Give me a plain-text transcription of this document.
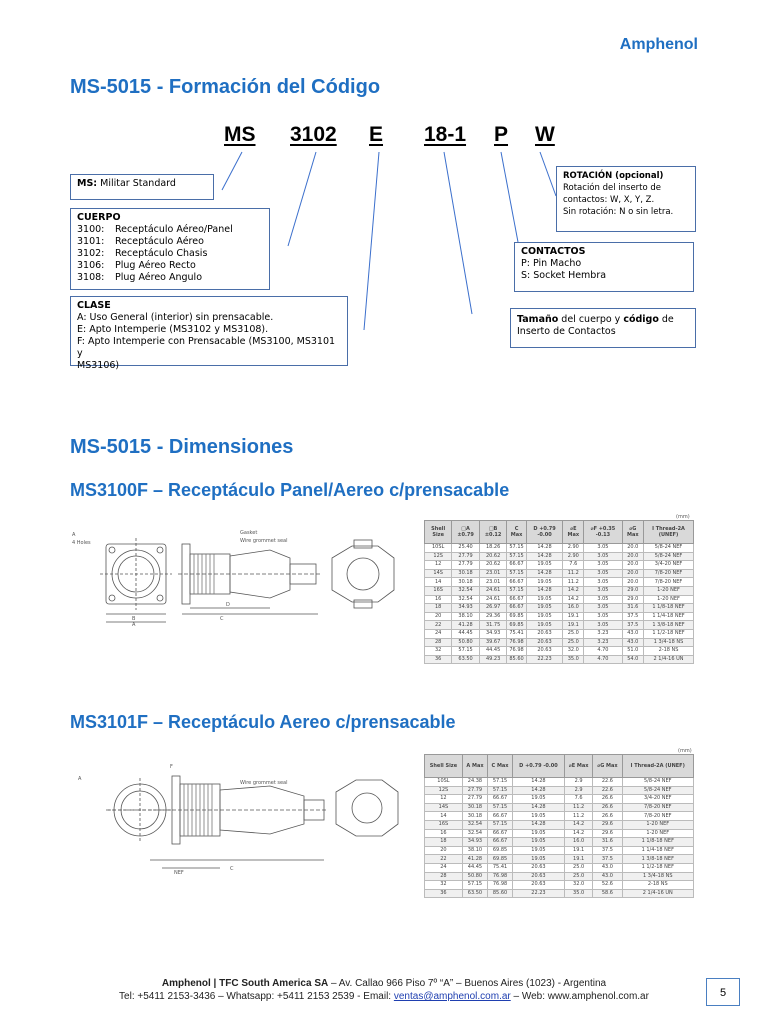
Amphenol
MS-5015 - Formación del Código
MS 3102 E 18-1 P W
MS: Militar Standard
CUERPO
3100:	Receptáculo Aéreo/Panel
3101:	Receptáculo Aéreo
3102:	Receptáculo Chasis
3106:	Plug Aéreo Recto
3108:	Plug Aéreo Angulo
CLASE
A: Uso General (interior) sin prensacable.
E: Apto Intemperie (MS3102 y MS3108).
F: Apto Intemperie con Prensacable (MS3100, MS3101 y
MS3106)
ROTACIÓN (opcional)
Rotación del inserto de
contactos: W, X, Y, Z.
Sin rotación: N o sin letra.
CONTACTOS
P: Pin Macho
S: Socket Hembra
Tamaño del cuerpo y código de
Inserto de Contactos
MS-5015 - Dimensiones
MS3100F – Receptáculo Panel/Aereo c/prensacable
A
4 Holes
Gasket
Wire grommet seal
B
A
C
D
(mm)
Shell Size	□A ±0.79	□B ±0.12	C Max	D +0.79 -0.00	⌀E Max	⌀F +0.35 -0.13	⌀G Max	I Thread-2A (UNEF)
10SL	25.40	18.26	57.15	14.28	2.90	3.05	20.0	5/8-24 NEF
12S	27.79	20.62	57.15	14.28	2.90	3.05	20.0	5/8-24 NEF
12	27.79	20.62	66.67	19.05	7.6	3.05	20.0	3/4-20 NEF
14S	30.18	23.01	57.15	14.28	11.2	3.05	20.0	7/8-20 NEF
14	30.18	23.01	66.67	19.05	11.2	3.05	20.0	7/8-20 NEF
16S	32.54	24.61	57.15	14.28	14.2	3.05	29.0	1-20 NEF
16	32.54	24.61	66.67	19.05	14.2	3.05	29.0	1-20 NEF
18	34.93	26.97	66.67	19.05	16.0	3.05	31.6	1 1/8-18 NEF
20	38.10	29.36	69.85	19.05	19.1	3.05	37.5	1 1/4-18 NEF
22	41.28	31.75	69.85	19.05	19.1	3.05	37.5	1 3/8-18 NEF
24	44.45	34.93	75.41	20.63	25.0	3.23	43.0	1 1/2-18 NEF
28	50.80	39.67	76.98	20.63	25.0	3.23	43.0	1 3/4-18 NS
32	57.15	44.45	76.98	20.63	32.0	4.70	51.0	2-18 NS
36	63.50	49.23	85.60	22.23	35.0	4.70	54.0	2 1/4-16 UN
MS3101F – Receptáculo Aereo c/prensacable
A
F
Wire grommet seal
NEF
C
(mm)
Shell Size	A Max	C Max	D +0.79 -0.00	⌀E Max	⌀G Max	I Thread-2A (UNEF)
10SL	24.38	57.15	14.28	2.9	22.6	5/8-24 NEF
12S	27.79	57.15	14.28	2.9	22.6	5/8-24 NEF
12	27.79	66.67	19.05	7.6	26.6	3/4-20 NEF
14S	30.18	57.15	14.28	11.2	26.6	7/8-20 NEF
14	30.18	66.67	19.05	11.2	26.6	7/8-20 NEF
16S	32.54	57.15	14.28	14.2	29.6	1-20 NEF
16	32.54	66.67	19.05	14.2	29.6	1-20 NEF
18	34.93	66.67	19.05	16.0	31.6	1 1/8-18 NEF
20	38.10	69.85	19.05	19.1	37.5	1 1/4-18 NEF
22	41.28	69.85	19.05	19.1	37.5	1 3/8-18 NEF
24	44.45	75.41	20.63	25.0	43.0	1 1/2-18 NEF
28	50.80	76.98	20.63	25.0	43.0	1 3/4-18 NS
32	57.15	76.98	20.63	32.0	52.6	2-18 NS
36	63.50	85.60	22.23	35.0	58.6	2 1/4-16 UN
Amphenol | TFC South America SA – Av. Callao 966 Piso 7º “A” – Buenos Aires (1023) - Argentina
Tel: +5411 2153-3436 – Whatsapp: +5411 2153 2539 - Email: ventas@amphenol.com.ar – Web: www.amphenol.com.ar	5
